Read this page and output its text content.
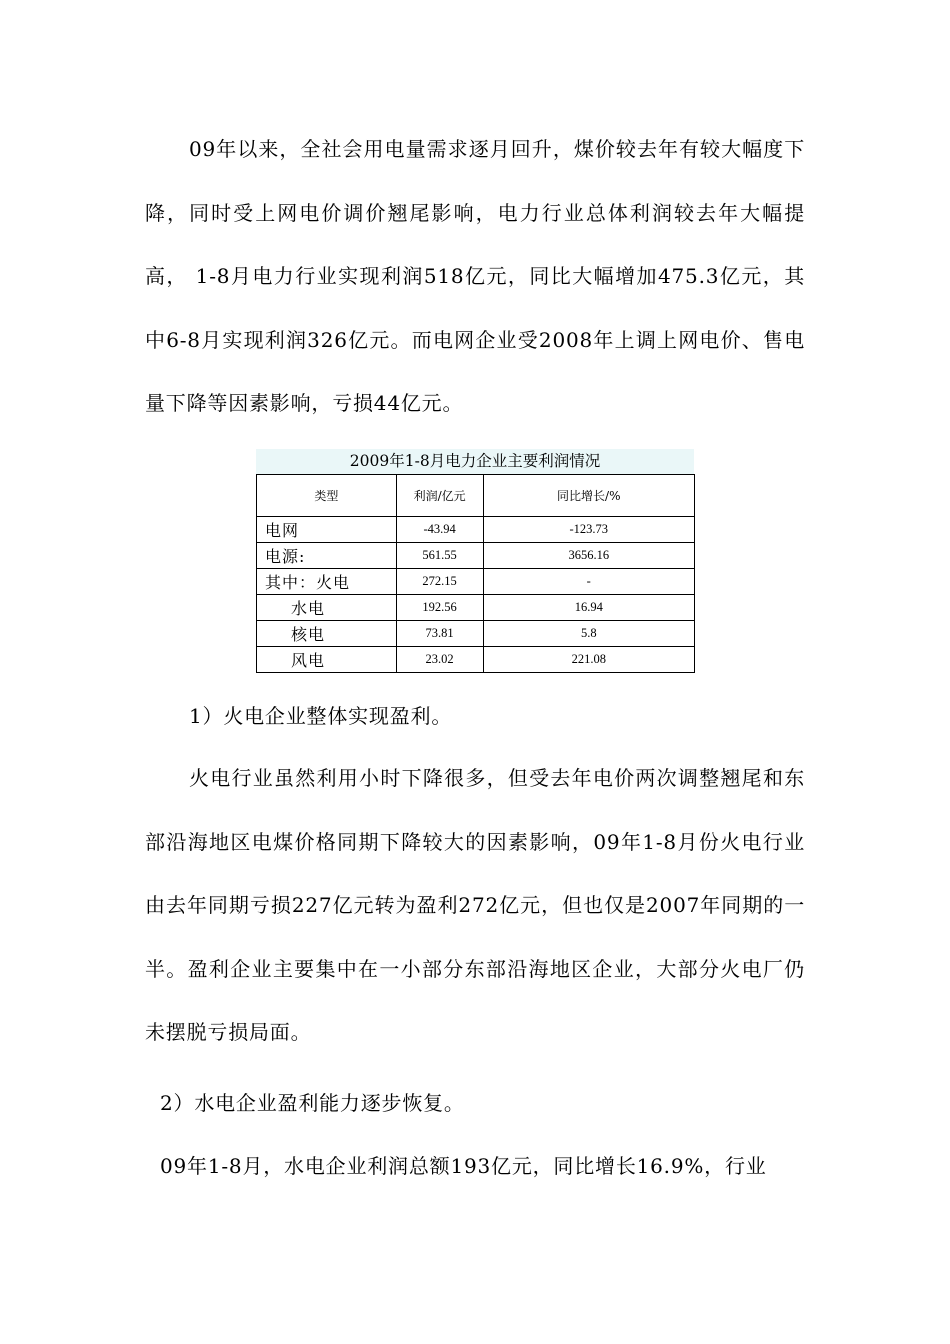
09年以来，全社会用电量需求逐月回升，煤价较去年有较大幅度下降，同时受上网电价调价翘尾影响，电力行业总体利润较去年大幅提高， 1-8月电力行业实现利润518亿元，同比大幅增加475.3亿元，其中6-8月实现利润326亿元。而电网企业受2008年上调上网电价、售电量下降等因素影响，亏损44亿元。

2009年1-8月电力企业主要利润情况
类型	利润/亿元	同比增长/%
电网	-43.94	-123.73
电源:	561.55	3656.16
其中：火电	272.15	-
水电	192.56	16.94
核电	73.81	5.8
风电	23.02	221.08

1）火电企业整体实现盈利。

火电行业虽然利用小时下降很多，但受去年电价两次调整翘尾和东部沿海地区电煤价格同期下降较大的因素影响，09年1-8月份火电行业由去年同期亏损227亿元转为盈利272亿元，但也仅是2007年同期的一半。盈利企业主要集中在一小部分东部沿海地区企业，大部分火电厂仍未摆脱亏损局面。

2）水电企业盈利能力逐步恢复。

09年1-8月，水电企业利润总额193亿元，同比增长16.9%，行业
